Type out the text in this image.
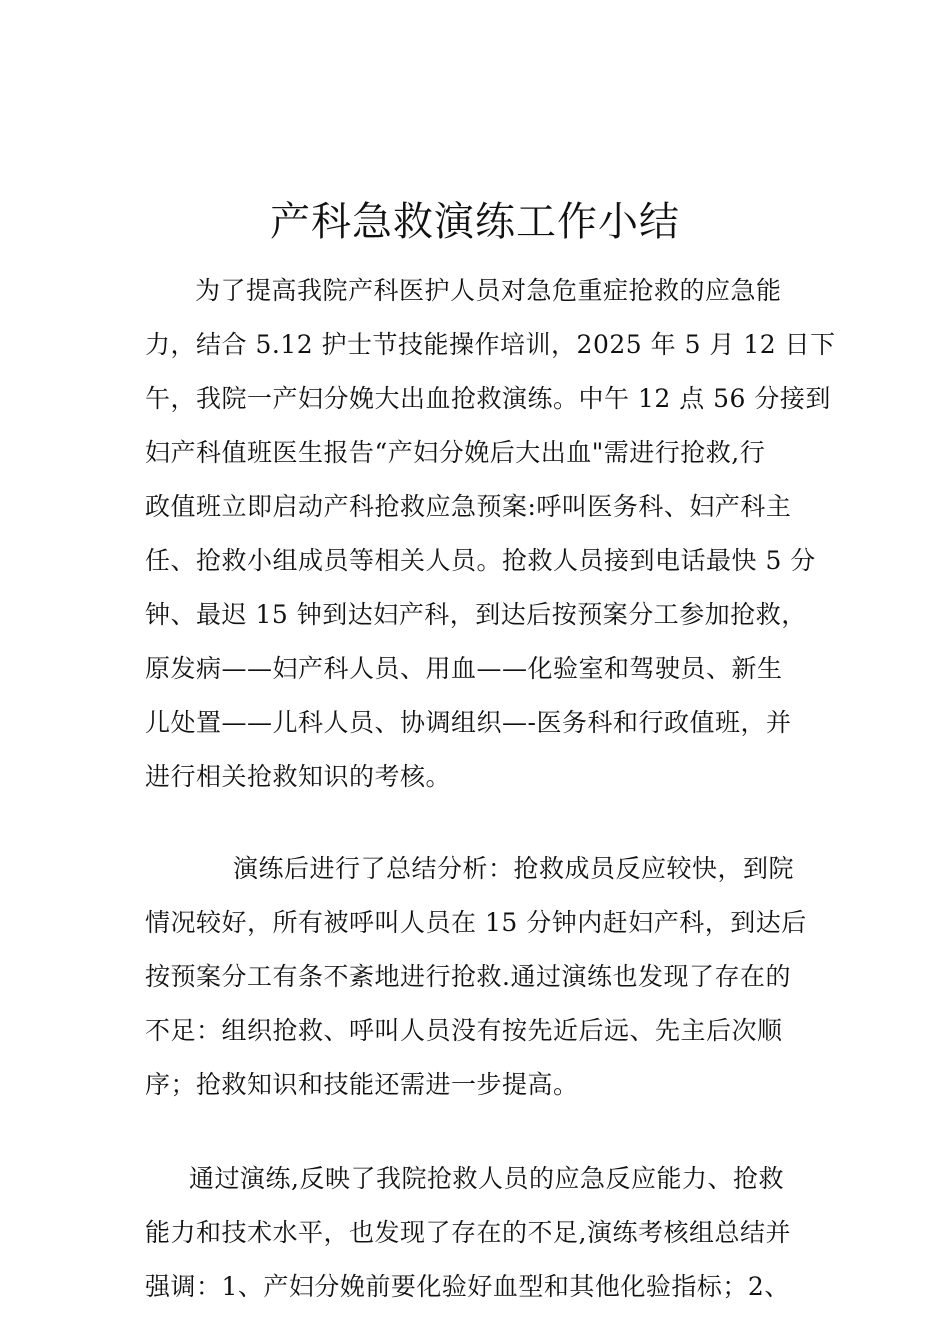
产科急救演练工作小结
为了提高我院产科医护人员对急危重症抢救的应急能
力，结合 5.12 护士节技能操作培训，2025 年 5 月 12 日下
午，我院一产妇分娩大出血抢救演练。中午 12 点 56 分接到
妇产科值班医生报告“产妇分娩后大出血"需进行抢救,行
政值班立即启动产科抢救应急预案:呼叫医务科、妇产科主
任、抢救小组成员等相关人员。抢救人员接到电话最快 5 分
钟、最迟 15 钟到达妇产科，到达后按预案分工参加抢救，
原发病——妇产科人员、用血——化验室和驾驶员、新生
儿处置——儿科人员、协调组织—-医务科和行政值班，并
进行相关抢救知识的考核。
演练后进行了总结分析：抢救成员反应较快，到院
情况较好，所有被呼叫人员在 15 分钟内赶妇产科，到达后
按预案分工有条不紊地进行抢救.通过演练也发现了存在的
不足：组织抢救、呼叫人员没有按先近后远、先主后次顺
序；抢救知识和技能还需进一步提高。
通过演练,反映了我院抢救人员的应急反应能力、抢救
能力和技术水平，也发现了存在的不足,演练考核组总结并
强调：1、产妇分娩前要化验好血型和其他化验指标；2、
